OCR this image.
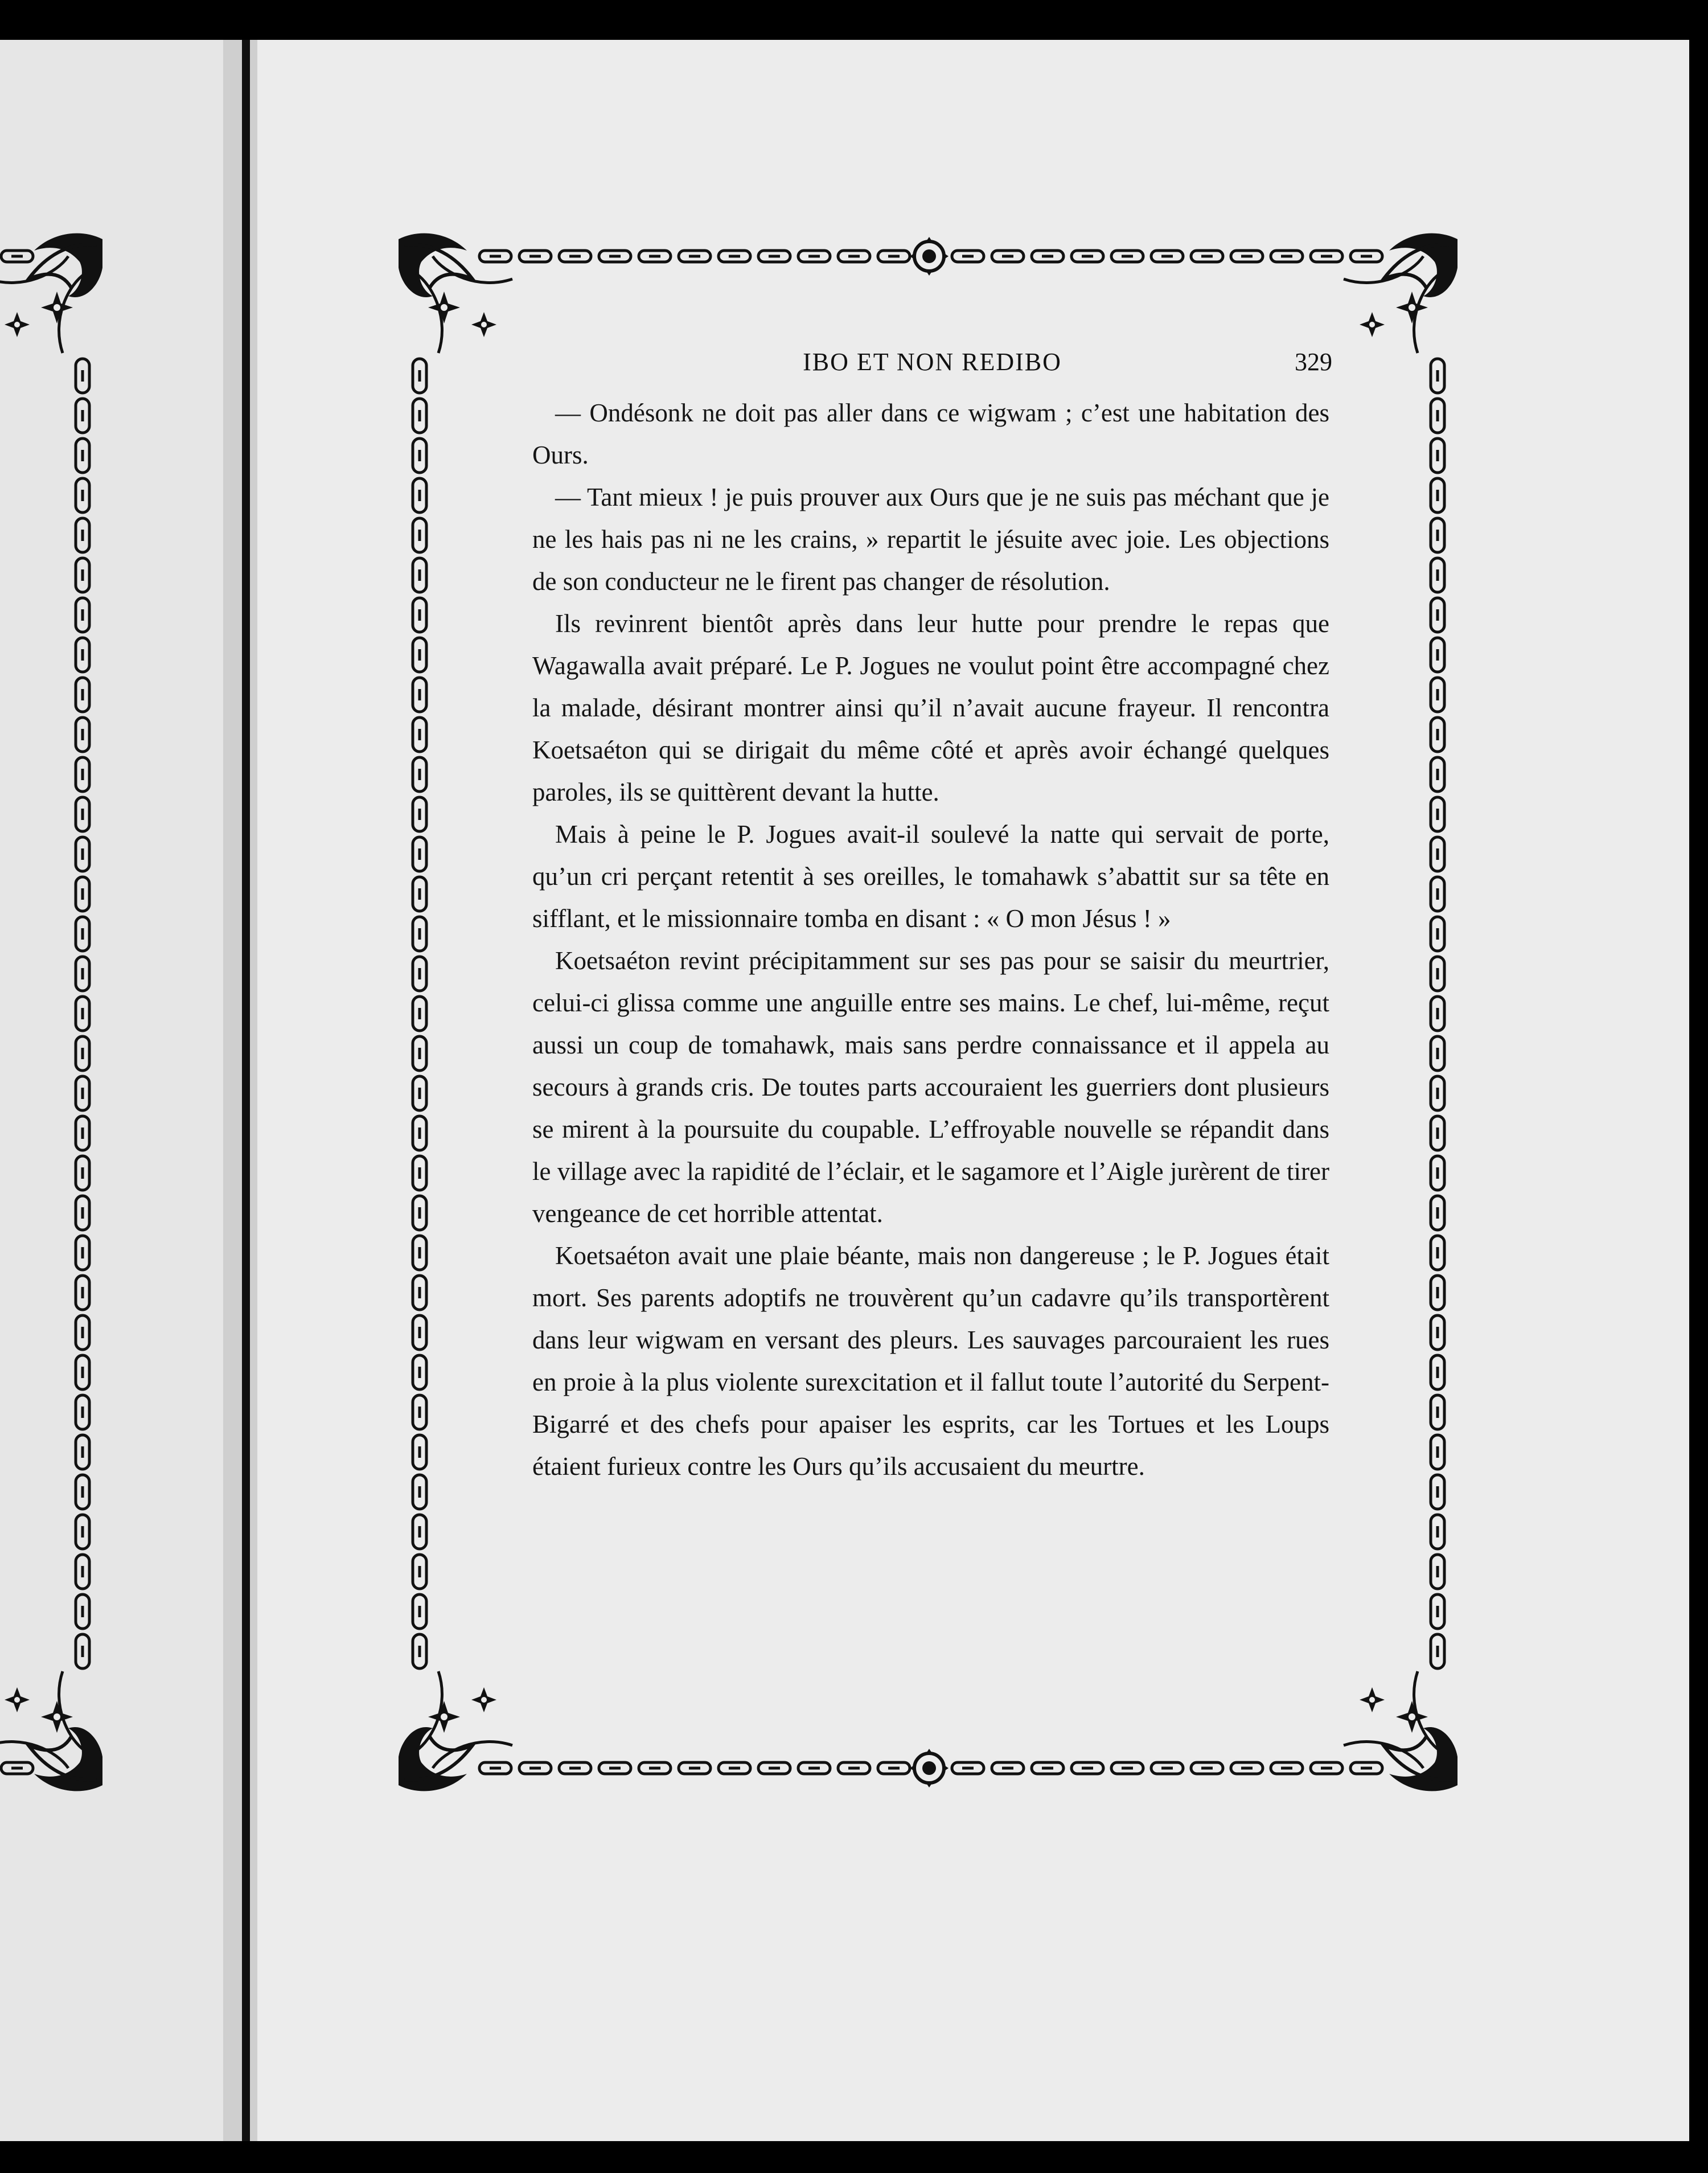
IBO ET NON REDIBO	329

— Ondésonk ne doit pas aller dans ce wigwam ; c’est une habitation des Ours.

— Tant mieux ! je puis prouver aux Ours que je ne suis pas méchant que je ne les hais pas ni ne les crains, » repartit le jésuite avec joie. Les objections de son conducteur ne le firent pas changer de résolution.

Ils revinrent bientôt après dans leur hutte pour prendre le repas que Wagawalla avait préparé. Le P. Jogues ne voulut point être accompagné chez la malade, désirant montrer ainsi qu’il n’avait aucune frayeur. Il rencontra Koetsaéton qui se dirigait du même côté et après avoir échangé quelques paroles, ils se quittèrent devant la hutte.

Mais à peine le P. Jogues avait-il soulevé la natte qui servait de porte, qu’un cri perçant retentit à ses oreilles, le tomahawk s’abattit sur sa tête en sifflant, et le missionnaire tomba en disant : « O mon Jésus ! »

Koetsaéton revint précipitamment sur ses pas pour se saisir du meurtrier, celui-ci glissa comme une anguille entre ses mains. Le chef, lui-même, reçut aussi un coup de tomahawk, mais sans perdre connaissance et il appela au secours à grands cris. De toutes parts accouraient les guerriers dont plusieurs se mirent à la poursuite du coupable. L’effroyable nouvelle se répandit dans le village avec la rapidité de l’éclair, et le sagamore et l’Aigle jurèrent de tirer vengeance de cet horrible attentat.

Koetsaéton avait une plaie béante, mais non dangereuse ; le P. Jogues était mort. Ses parents adoptifs ne trouvèrent qu’un cadavre qu’ils transportèrent dans leur wigwam en versant des pleurs. Les sauvages parcouraient les rues en proie à la plus violente surexcitation et il fallut toute l’autorité du Serpent-Bigarré et des chefs pour apaiser les esprits, car les Tortues et les Loups étaient furieux contre les Ours qu’ils accusaient du meurtre.
